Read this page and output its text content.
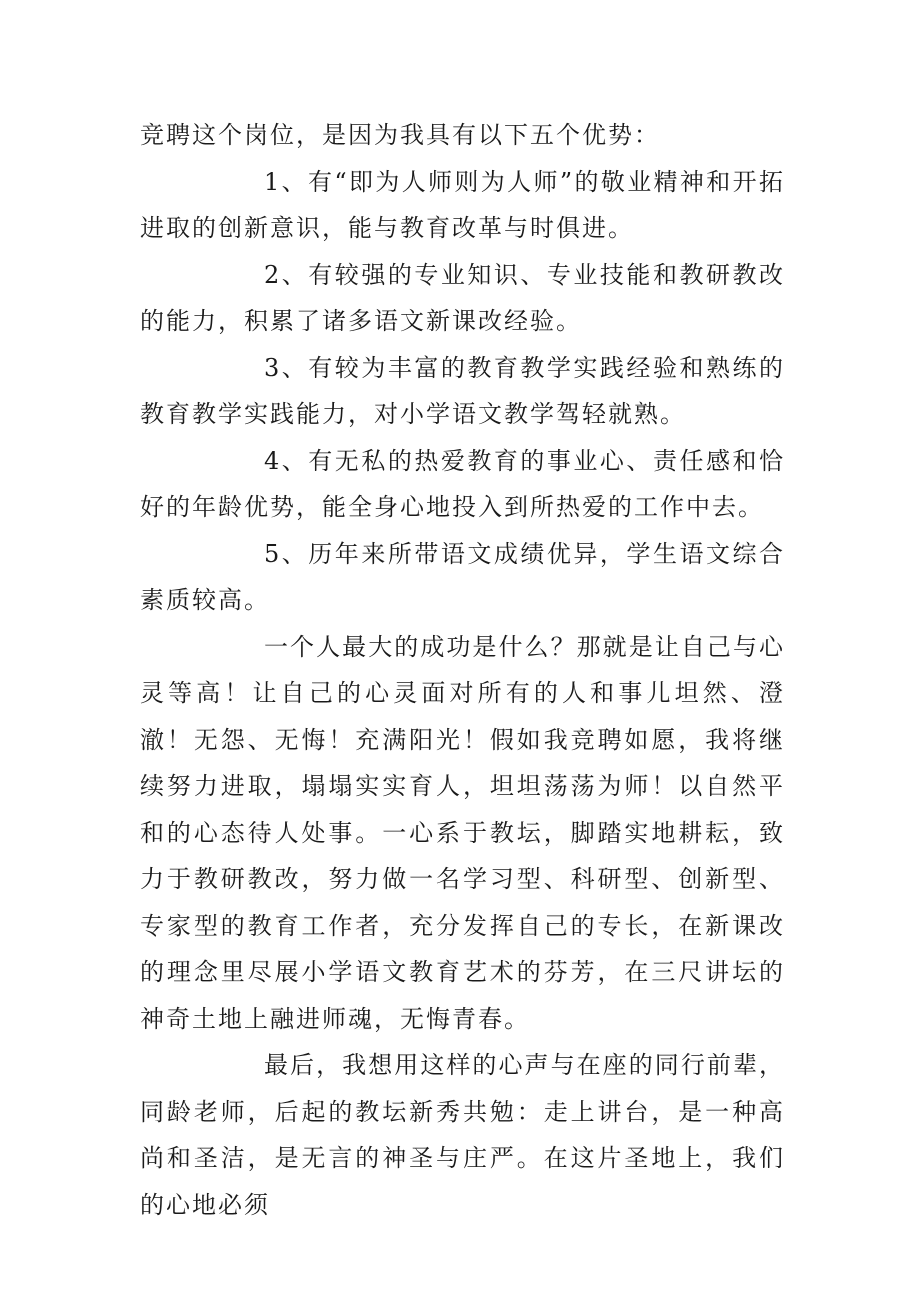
竞聘这个岗位，是因为我具有以下五个优势：

1、有“即为人师则为人师”的敬业精神和开拓进取的创新意识，能与教育改革与时俱进。

2、有较强的专业知识、专业技能和教研教改的能力，积累了诸多语文新课改经验。

3、有较为丰富的教育教学实践经验和熟练的教育教学实践能力，对小学语文教学驾轻就熟。

4、有无私的热爱教育的事业心、责任感和恰好的年龄优势，能全身心地投入到所热爱的工作中去。

5、历年来所带语文成绩优异，学生语文综合素质较高。

一个人最大的成功是什么？那就是让自己与心灵等高！让自己的心灵面对所有的人和事儿坦然、澄澈！无怨、无悔！充满阳光！假如我竞聘如愿，我将继续努力进取，塌塌实实育人，坦坦荡荡为师！以自然平和的心态待人处事。一心系于教坛，脚踏实地耕耘，致力于教研教改，努力做一名学习型、科研型、创新型、专家型的教育工作者，充分发挥自己的专长，在新课改的理念里尽展小学语文教育艺术的芬芳，在三尺讲坛的神奇土地上融进师魂，无悔青春。

最后，我想用这样的心声与在座的同行前辈，同龄老师，后起的教坛新秀共勉：走上讲台，是一种高尚和圣洁，是无言的神圣与庄严。在这片圣地上，我们的心地必须
